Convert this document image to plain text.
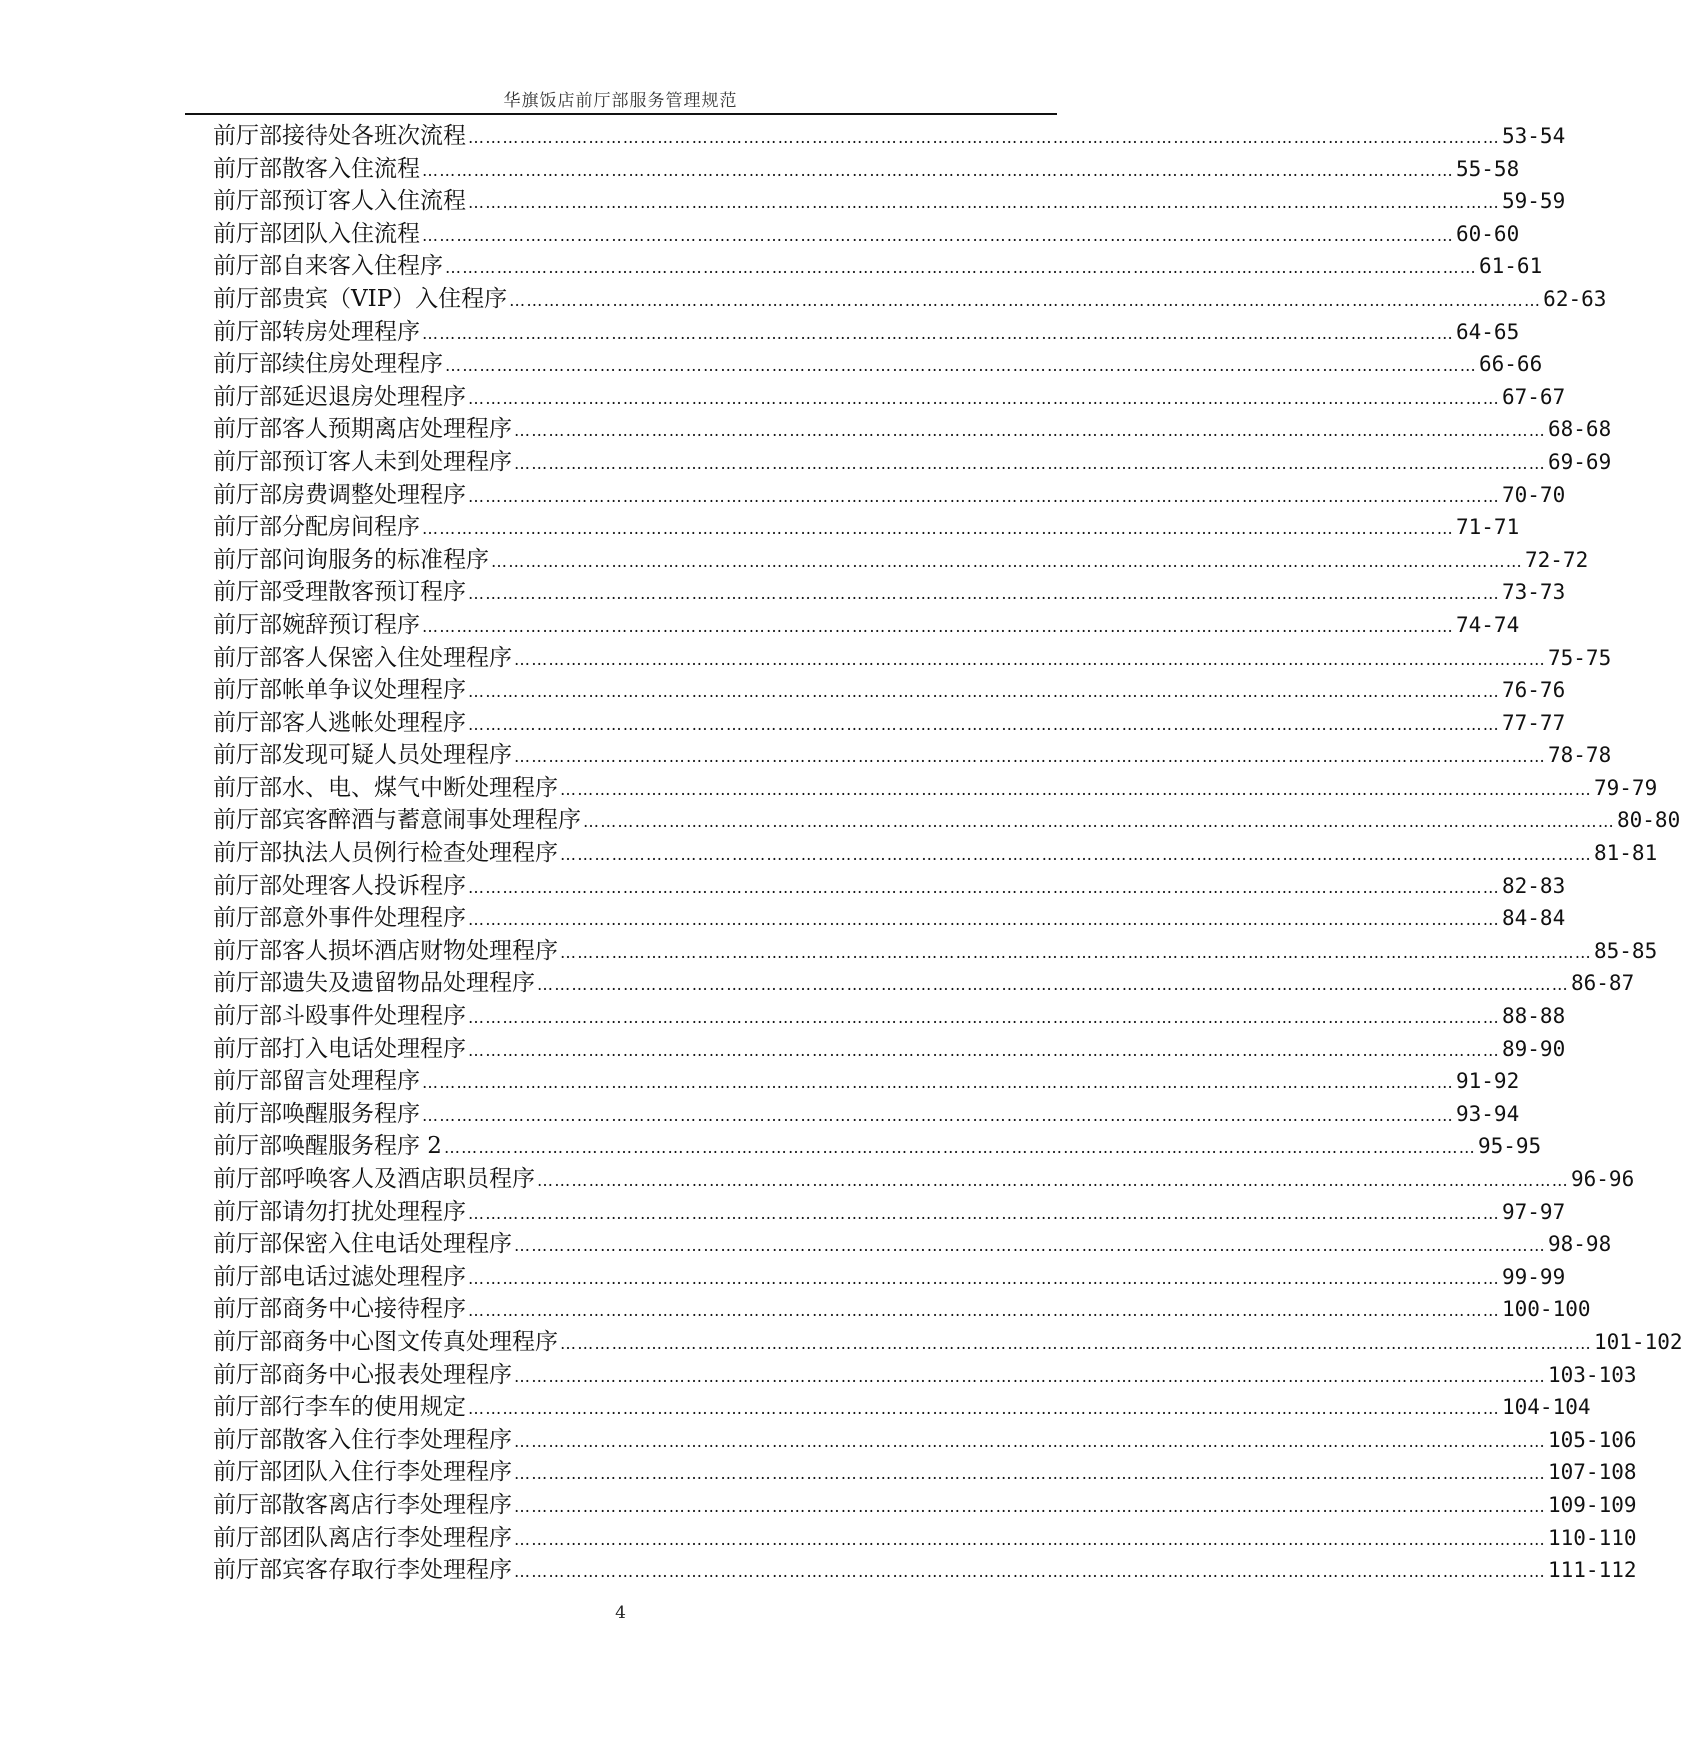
华旗饭店前厅部服务管理规范
前厅部接待处各班次流程 ……………………………………………………………………………………………………………………………………………………………… 53-54
前厅部散客入住流程 ……………………………………………………………………………………………………………………………………………………………… 55-58
前厅部预订客人入住流程 ……………………………………………………………………………………………………………………………………………………………… 59-59
前厅部团队入住流程 ……………………………………………………………………………………………………………………………………………………………… 60-60
前厅部自来客入住程序 ……………………………………………………………………………………………………………………………………………………………… 61-61
前厅部贵宾（VIP）入住程序 ……………………………………………………………………………………………………………………………………………………………… 62-63
前厅部转房处理程序 ……………………………………………………………………………………………………………………………………………………………… 64-65
前厅部续住房处理程序 ……………………………………………………………………………………………………………………………………………………………… 66-66
前厅部延迟退房处理程序 ……………………………………………………………………………………………………………………………………………………………… 67-67
前厅部客人预期离店处理程序 ……………………………………………………………………………………………………………………………………………………………… 68-68
前厅部预订客人未到处理程序 ……………………………………………………………………………………………………………………………………………………………… 69-69
前厅部房费调整处理程序 ……………………………………………………………………………………………………………………………………………………………… 70-70
前厅部分配房间程序 ……………………………………………………………………………………………………………………………………………………………… 71-71
前厅部问询服务的标准程序 ……………………………………………………………………………………………………………………………………………………………… 72-72
前厅部受理散客预订程序 ……………………………………………………………………………………………………………………………………………………………… 73-73
前厅部婉辞预订程序 ……………………………………………………………………………………………………………………………………………………………… 74-74
前厅部客人保密入住处理程序 ……………………………………………………………………………………………………………………………………………………………… 75-75
前厅部帐单争议处理程序 ……………………………………………………………………………………………………………………………………………………………… 76-76
前厅部客人逃帐处理程序 ……………………………………………………………………………………………………………………………………………………………… 77-77
前厅部发现可疑人员处理程序 ……………………………………………………………………………………………………………………………………………………………… 78-78
前厅部水、电、煤气中断处理程序 ……………………………………………………………………………………………………………………………………………………………… 79-79
前厅部宾客醉酒与蓄意闹事处理程序 ……………………………………………………………………………………………………………………………………………………………… 80-80
前厅部执法人员例行检查处理程序 ……………………………………………………………………………………………………………………………………………………………… 81-81
前厅部处理客人投诉程序 ……………………………………………………………………………………………………………………………………………………………… 82-83
前厅部意外事件处理程序 ……………………………………………………………………………………………………………………………………………………………… 84-84
前厅部客人损坏酒店财物处理程序 ……………………………………………………………………………………………………………………………………………………………… 85-85
前厅部遗失及遗留物品处理程序 ……………………………………………………………………………………………………………………………………………………………… 86-87
前厅部斗殴事件处理程序 ……………………………………………………………………………………………………………………………………………………………… 88-88
前厅部打入电话处理程序 ……………………………………………………………………………………………………………………………………………………………… 89-90
前厅部留言处理程序 ……………………………………………………………………………………………………………………………………………………………… 91-92
前厅部唤醒服务程序 ……………………………………………………………………………………………………………………………………………………………… 93-94
前厅部唤醒服务程序 2 ……………………………………………………………………………………………………………………………………………………………… 95-95
前厅部呼唤客人及酒店职员程序 ……………………………………………………………………………………………………………………………………………………………… 96-96
前厅部请勿打扰处理程序 ……………………………………………………………………………………………………………………………………………………………… 97-97
前厅部保密入住电话处理程序 ……………………………………………………………………………………………………………………………………………………………… 98-98
前厅部电话过滤处理程序 ……………………………………………………………………………………………………………………………………………………………… 99-99
前厅部商务中心接待程序 ……………………………………………………………………………………………………………………………………………………………… 100-100
前厅部商务中心图文传真处理程序 ……………………………………………………………………………………………………………………………………………………………… 101-102
前厅部商务中心报表处理程序 ……………………………………………………………………………………………………………………………………………………………… 103-103
前厅部行李车的使用规定 ……………………………………………………………………………………………………………………………………………………………… 104-104
前厅部散客入住行李处理程序 ……………………………………………………………………………………………………………………………………………………………… 105-106
前厅部团队入住行李处理程序 ……………………………………………………………………………………………………………………………………………………………… 107-108
前厅部散客离店行李处理程序 ……………………………………………………………………………………………………………………………………………………………… 109-109
前厅部团队离店行李处理程序 ……………………………………………………………………………………………………………………………………………………………… 110-110
前厅部宾客存取行李处理程序 ……………………………………………………………………………………………………………………………………………………………… 111-112
4
